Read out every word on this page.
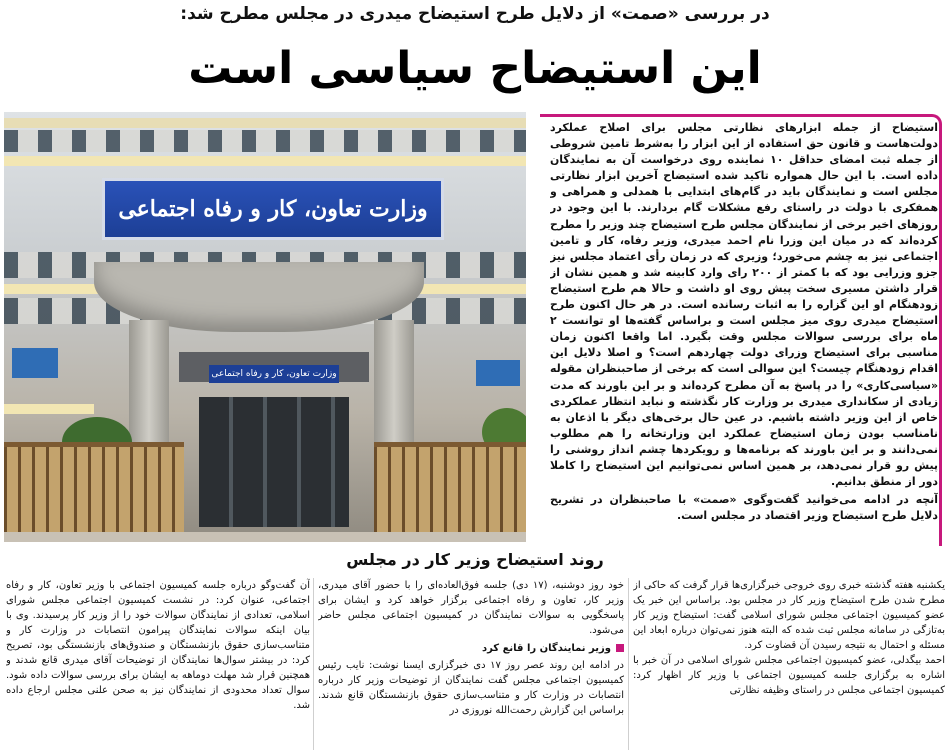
در بررسی «صمت» از دلایل طرح استیضاح میدری در مجلس مطرح شد:
این استیضاح سیاسی است
وزارت تعاون، کار و رفاه اجتماعی
وزارت تعاون، کار و رفاه اجتماعی

استیضاح از جمله ابزارهای نظارتی مجلس برای اصلاح عملکرد دولت‌هاست و قانون حق استفاده از این ابزار را به‌شرط تامین شروطی از جمله ثبت امضای حداقل ۱۰ نماینده روی درخواست آن به نمایندگان داده است. با این حال همواره تاکید شده استیضاح آخرین ابزار نظارتی مجلس است و نمایندگان باید در گام‌های ابتدایی با همدلی و همراهی و همفکری با دولت در راستای رفع مشکلات گام بردارند. با این وجود در روزهای اخیر برخی از نمایندگان مجلس طرح استیضاح چند وزیر را مطرح کرده‌اند که در میان این وزرا نام احمد میدری، وزیر رفاه، کار و تامین اجتماعی نیز به چشم می‌خورد؛ وزیری که در زمان رأی اعتماد مجلس نیز جزو وزرایی بود که با کمتر از ۲۰۰ رای وارد کابینه شد و همین نشان از قرار داشتن مسیری سخت پیش روی او داشت و حالا هم طرح استیضاح زودهنگام او این گزاره را به اثبات رسانده است. در هر حال اکنون طرح استیضاح میدری روی میز مجلس است و براساس گفته‌ها او توانست ۲ ماه برای بررسی سوالات مجلس وقت بگیرد. اما واقعا اکنون زمان مناسبی برای استیضاح وزرای دولت چهاردهم است؟ و اصلا دلایل این اقدام زودهنگام چیست؟ این سوالی است که برخی از صاحبنظران مقوله «سیاسی‌کاری» را در پاسخ به آن مطرح کرده‌اند و بر این باورند که مدت زیادی از سکانداری میدری بر وزارت کار نگذشته و نباید انتظار عملکردی خاص از این وزیر داشته باشیم. در عین حال برخی‌های دیگر با اذعان به نامناسب بودن زمان استیضاح عملکرد این وزارتخانه را هم مطلوب نمی‌دانند و بر این باورند که برنامه‌ها و رویکردها چشم انداز روشنی را پیش رو قرار نمی‌دهد، بر همین اساس نمی‌توانیم این استیضاح را کاملا دور از منطق بدانیم.

آنچه در ادامه می‌خوانید گفت‌وگوی «صمت» با صاحبنظران در تشریح دلایل طرح استیضاح وزیر اقتصاد در مجلس است.

روند استیضاح وزیر کار در مجلس

یکشنبه هفته گذشته خبری روی خروجی خبرگزاری‌ها قرار گرفت که حاکی از مطرح شدن طرح استیضاح وزیر کار در مجلس بود. براساس این خبر یک عضو کمیسیون اجتماعی مجلس شورای اسلامی گفت: استیضاح وزیر کار به‌تازگی در سامانه مجلس ثبت شده که البته هنوز نمی‌توان درباره ابعاد این مسئله و احتمال به نتیجه رسیدن آن قضاوت کرد.

احمد بیگدلی، عضو کمیسیون اجتماعی مجلس شورای اسلامی در آن خبر با اشاره به برگزاری جلسه کمیسیون اجتماعی با وزیر کار اظهار کرد: کمیسیون اجتماعی مجلس در راستای وظیفه نظارتی

خود روز دوشنبه، (۱۷ دی) جلسه فوق‌العاده‌ای را با حضور آقای میدری، وزیر کار، تعاون و رفاه اجتماعی برگزار خواهد کرد و ایشان برای پاسخگویی به سوالات نمایندگان در کمیسیون اجتماعی مجلس حاضر می‌شود.

وزیر نمایندگان را قانع کرد

در ادامه این روند عصر روز ۱۷ دی خبرگزاری ایسنا نوشت: نایب رئیس کمیسیون اجتماعی مجلس گفت نمایندگان از توضیحات وزیر کار درباره انتصابات در وزارت کار و متناسب‌سازی حقوق بازنشستگان قانع شدند. براساس این گزارش رحمت‌الله نوروزی در

آن گفت‌وگو درباره جلسه کمیسیون اجتماعی با وزیر تعاون، کار و رفاه اجتماعی، عنوان کرد: در نشست کمیسیون اجتماعی مجلس شورای اسلامی، تعدادی از نمایندگان سوالات خود را از وزیر کار پرسیدند. وی با بیان اینکه سوالات نمایندگان پیرامون انتصابات در وزارت کار و متناسب‌سازی حقوق بازنشستگان و صندوق‌های بازنشستگی بود، تصریح کرد: در بیشتر سوال‌ها نمایندگان از توضیحات آقای میدری قانع شدند و همچنین قرار شد مهلت دوماهه به ایشان برای بررسی سوالات داده شود. سوال تعداد محدودی از نمایندگان نیز به صحن علنی مجلس ارجاع داده شد.
